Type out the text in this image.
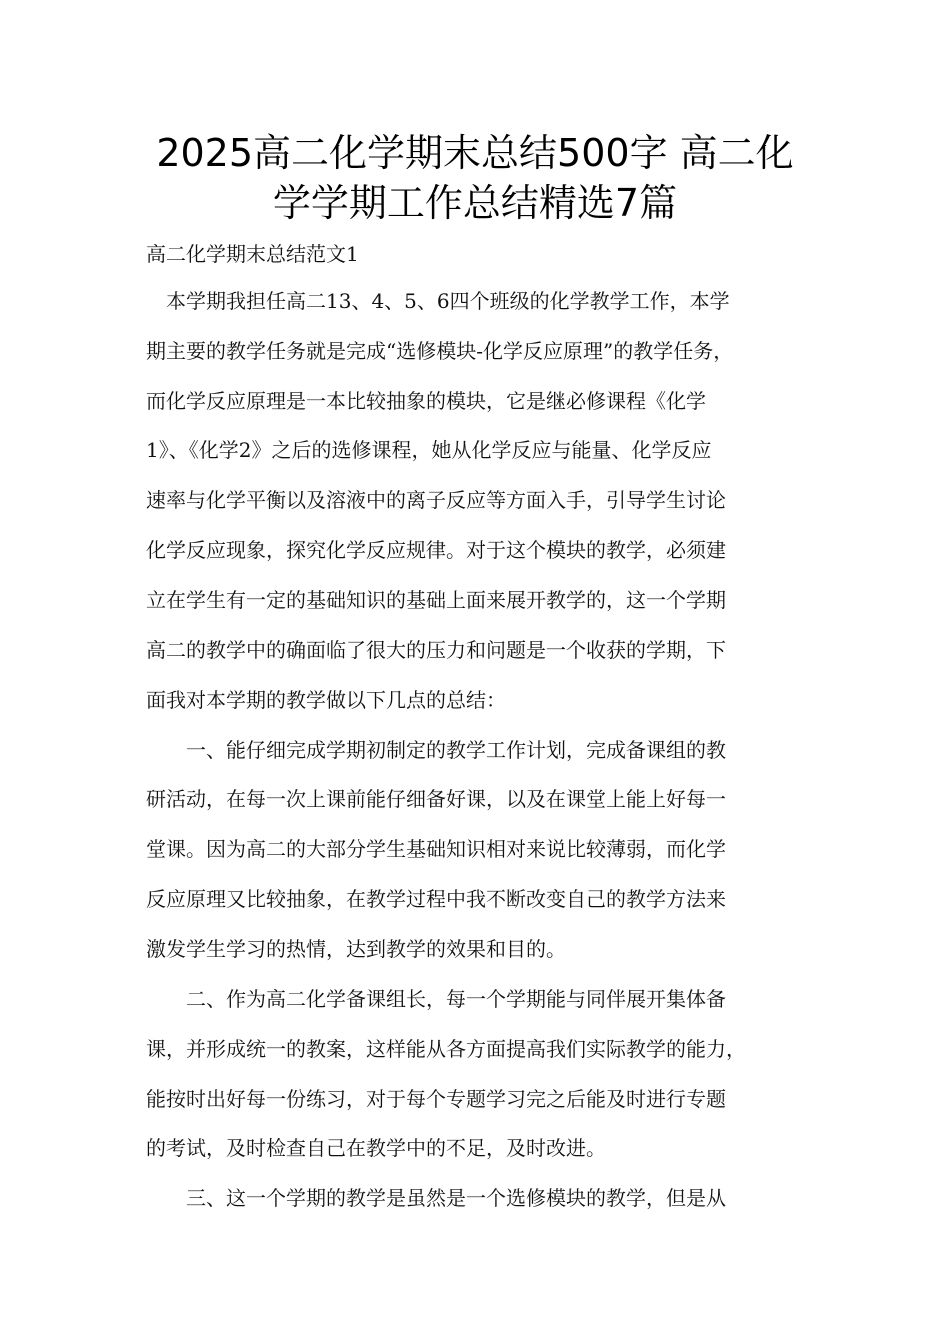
2025高二化学期末总结500字 高二化
学学期工作总结精选7篇

高二化学期末总结范文1

　本学期我担任高二13、4、5、6四个班级的化学教学工作，本学

期主要的教学任务就是完成“选修模块-化学反应原理”的教学任务，

而化学反应原理是一本比较抽象的模块，它是继必修课程《化学

1》、《化学2》之后的选修课程，她从化学反应与能量、化学反应

速率与化学平衡以及溶液中的离子反应等方面入手，引导学生讨论

化学反应现象，探究化学反应规律。对于这个模块的教学，必须建

立在学生有一定的基础知识的基础上面来展开教学的，这一个学期

高二的教学中的确面临了很大的压力和问题是一个收获的学期，下

面我对本学期的教学做以下几点的总结：

　　一、能仔细完成学期初制定的教学工作计划，完成备课组的教

研活动，在每一次上课前能仔细备好课，以及在课堂上能上好每一

堂课。因为高二的大部分学生基础知识相对来说比较薄弱，而化学

反应原理又比较抽象，在教学过程中我不断改变自己的教学方法来

激发学生学习的热情，达到教学的效果和目的。

　　二、作为高二化学备课组长，每一个学期能与同伴展开集体备

课，并形成统一的教案，这样能从各方面提高我们实际教学的能力，

能按时出好每一份练习，对于每个专题学习完之后能及时进行专题

的考试，及时检查自己在教学中的不足，及时改进。

　　三、这一个学期的教学是虽然是一个选修模块的教学，但是从
